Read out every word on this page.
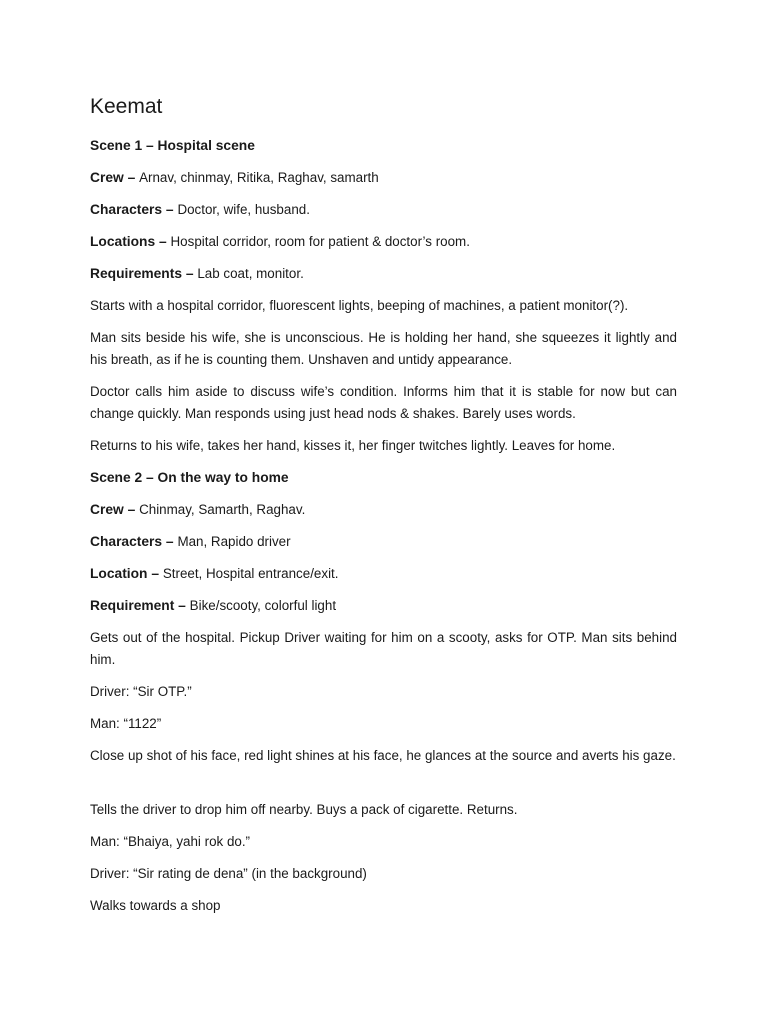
Keemat

Scene 1 – Hospital scene

Crew – Arnav, chinmay, Ritika, Raghav, samarth

Characters – Doctor, wife, husband.

Locations – Hospital corridor, room for patient & doctor’s room.

Requirements – Lab coat, monitor.

Starts with a hospital corridor, fluorescent lights, beeping of machines, a patient monitor(?).

Man sits beside his wife, she is unconscious. He is holding her hand, she squeezes it lightly and his breath, as if he is counting them. Unshaven and untidy appearance.

Doctor calls him aside to discuss wife’s condition. Informs him that it is stable for now but can change quickly. Man responds using just head nods & shakes. Barely uses words.

Returns to his wife, takes her hand, kisses it, her finger twitches lightly. Leaves for home.

Scene 2 – On the way to home

Crew – Chinmay, Samarth, Raghav.

Characters – Man, Rapido driver

Location – Street, Hospital entrance/exit.

Requirement – Bike/scooty, colorful light

Gets out of the hospital. Pickup Driver waiting for him on a scooty, asks for OTP. Man sits behind him.

Driver: “Sir OTP.”

Man: “1122”

Close up shot of his face, red light shines at his face, he glances at the source and averts his gaze.

Tells the driver to drop him off nearby. Buys a pack of cigarette. Returns.

Man: “Bhaiya, yahi rok do.”

Driver: “Sir rating de dena” (in the background)

Walks towards a shop
